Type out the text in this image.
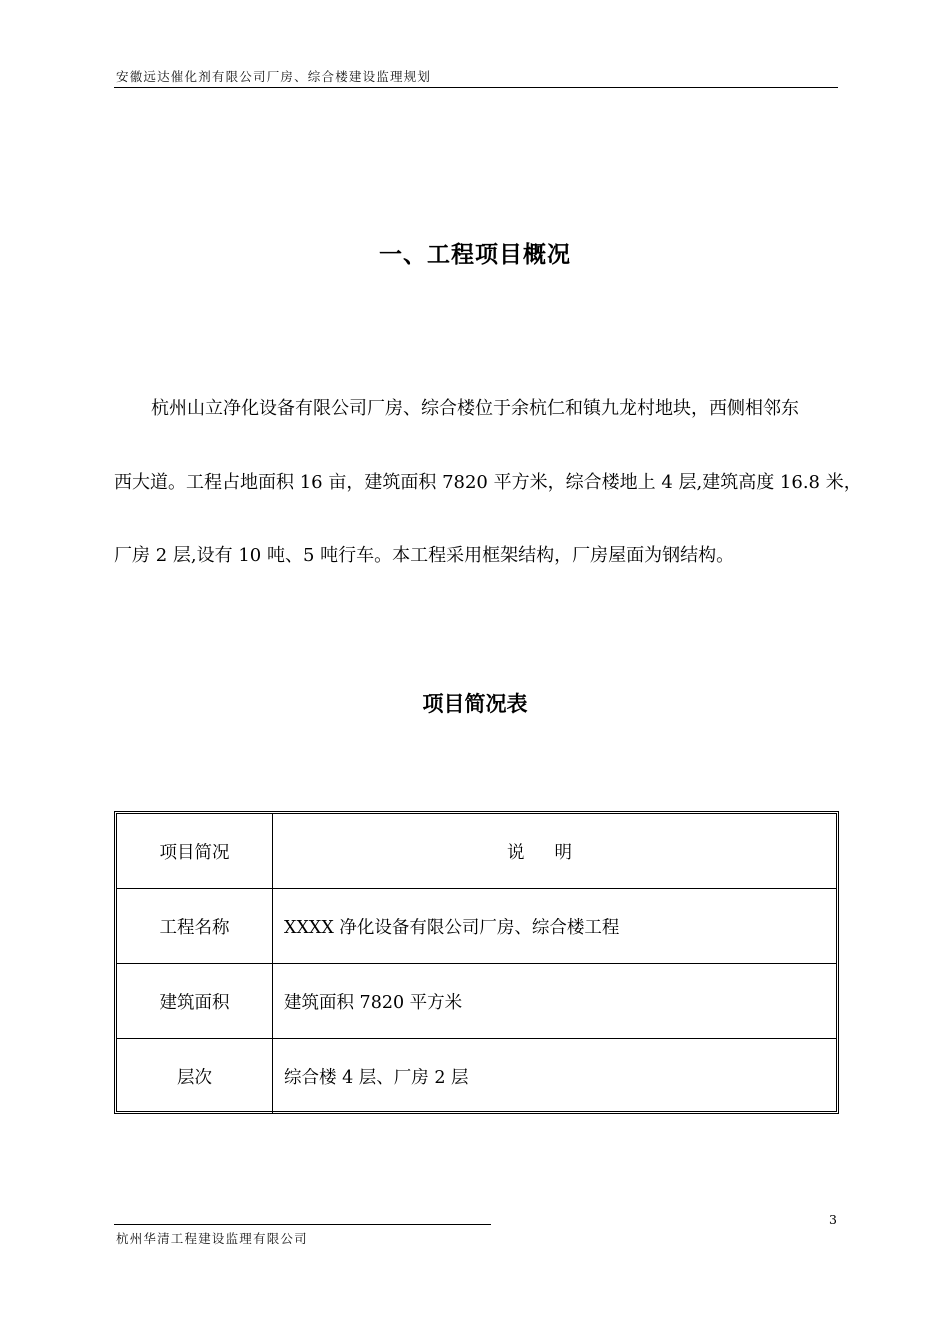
安徽远达催化剂有限公司厂房、综合楼建设监理规划
一、工程项目概况
杭州山立净化设备有限公司厂房、综合楼位于余杭仁和镇九龙村地块，西侧相邻东
西大道。工程占地面积 16 亩，建筑面积 7820 平方米，综合楼地上 4 层,建筑高度 16.8 米，
厂房 2 层,设有 10 吨、5 吨行车。本工程采用框架结构，厂房屋面为钢结构。
项目简况表
项目简况	说明
工程名称	XXXX 净化设备有限公司厂房、综合楼工程
建筑面积	建筑面积 7820 平方米
层次	综合楼 4 层、厂房 2 层
3
杭州华清工程建设监理有限公司
